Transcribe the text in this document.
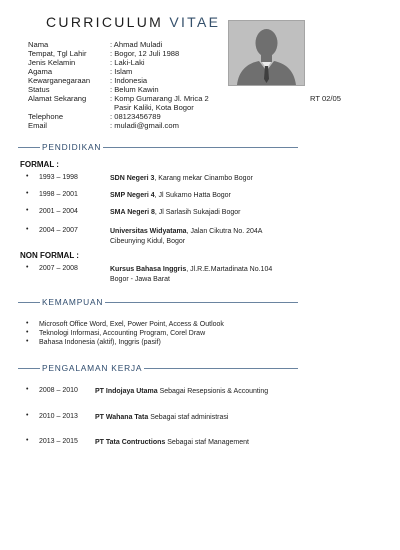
CURRICULUM VITAE
Nama	: Ahmad Muladi
Tempat, Tgl Lahir	: Bogor, 12 Juli 1988
Jenis Kelamin	: Laki-Laki
Agama	: Islam
Kewarganegaraan	: Indonesia
Status	: Belum Kawin
Alamat Sekarang	: Komp Gumarang Jl. Mrica 2
Pasir Kaliki, Kota Bogor
Telephone	: 08123456789
Email	: muladi@gmail.com
RT 02/05
PENDIDIKAN
FORMAL :
• 1993 – 1998	SDN Negeri 3, Karang mekar Cinambo Bogor
• 1998 – 2001	SMP Negeri 4, Jl Sukarno Hatta Bogor
• 2001 – 2004	SMA Negeri 8, Jl Sarlasih Sukajadi Bogor
• 2004 – 2007	Universitas Widyatama, Jalan Cikutra No. 204A Cibeunying Kidul, Bogor
NON FORMAL :
• 2007 – 2008	Kursus Bahasa Inggris, Jl.R.E.Martadinata No.104 Bogor - Jawa Barat
KEMAMPUAN
• Microsoft Office Word, Exel, Power Point, Access & Outlook
• Teknologi Informasi, Accounting Program, Corel Draw
• Bahasa Indonesia (aktif), Inggris (pasif)
PENGALAMAN KERJA
• 2008 – 2010 PT Indojaya Utama Sebagai Resepsionis & Accounting
• 2010 – 2013 PT Wahana Tata Sebagai staf administrasi
• 2013 – 2015 PT Tata Contructions Sebagai staf Management
